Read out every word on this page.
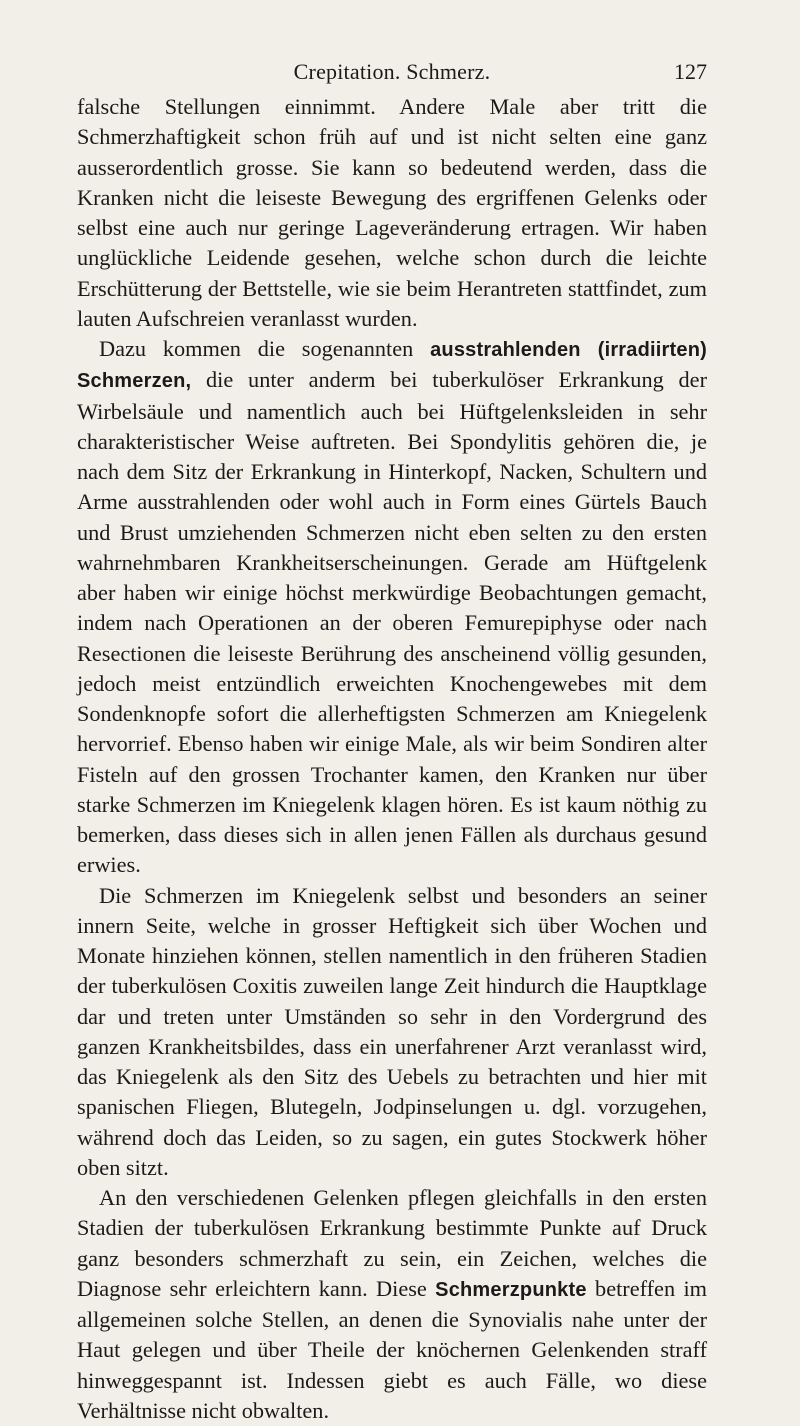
Crepitation. Schmerz.	127

falsche Stellungen einnimmt. Andere Male aber tritt die Schmerzhaftigkeit schon früh auf und ist nicht selten eine ganz ausserordentlich grosse. Sie kann so bedeutend werden, dass die Kranken nicht die leiseste Bewegung des ergriffenen Gelenks oder selbst eine auch nur geringe Lageveränderung ertragen. Wir haben unglückliche Leidende gesehen, welche schon durch die leichte Erschütterung der Bettstelle, wie sie beim Herantreten stattfindet, zum lauten Aufschreien veranlasst wurden.

Dazu kommen die sogenannten ausstrahlenden (irradiirten) Schmerzen, die unter anderm bei tuberkulöser Erkrankung der Wirbelsäule und namentlich auch bei Hüftgelenksleiden in sehr charakteristischer Weise auftreten. Bei Spondylitis gehören die, je nach dem Sitz der Erkrankung in Hinterkopf, Nacken, Schultern und Arme ausstrahlenden oder wohl auch in Form eines Gürtels Bauch und Brust umziehenden Schmerzen nicht eben selten zu den ersten wahrnehmbaren Krankheitserscheinungen. Gerade am Hüftgelenk aber haben wir einige höchst merkwürdige Beobachtungen gemacht, indem nach Operationen an der oberen Femurepiphyse oder nach Resectionen die leiseste Berührung des anscheinend völlig gesunden, jedoch meist entzündlich erweichten Knochengewebes mit dem Sondenknopfe sofort die allerheftigsten Schmerzen am Kniegelenk hervorrief. Ebenso haben wir einige Male, als wir beim Sondiren alter Fisteln auf den grossen Trochanter kamen, den Kranken nur über starke Schmerzen im Kniegelenk klagen hören. Es ist kaum nöthig zu bemerken, dass dieses sich in allen jenen Fällen als durchaus gesund erwies.

Die Schmerzen im Kniegelenk selbst und besonders an seiner innern Seite, welche in grosser Heftigkeit sich über Wochen und Monate hinziehen können, stellen namentlich in den früheren Stadien der tuberkulösen Coxitis zuweilen lange Zeit hindurch die Hauptklage dar und treten unter Umständen so sehr in den Vordergrund des ganzen Krankheitsbildes, dass ein unerfahrener Arzt veranlasst wird, das Kniegelenk als den Sitz des Uebels zu betrachten und hier mit spanischen Fliegen, Blutegeln, Jodpinselungen u. dgl. vorzugehen, während doch das Leiden, so zu sagen, ein gutes Stockwerk höher oben sitzt.

An den verschiedenen Gelenken pflegen gleichfalls in den ersten Stadien der tuberkulösen Erkrankung bestimmte Punkte auf Druck ganz besonders schmerzhaft zu sein, ein Zeichen, welches die Diagnose sehr erleichtern kann. Diese Schmerzpunkte betreffen im allgemeinen solche Stellen, an denen die Synovialis nahe unter der Haut gelegen und über Theile der knöchernen Gelenkenden straff hinweggespannt ist. Indessen giebt es auch Fälle, wo diese Verhältnisse nicht obwalten.
